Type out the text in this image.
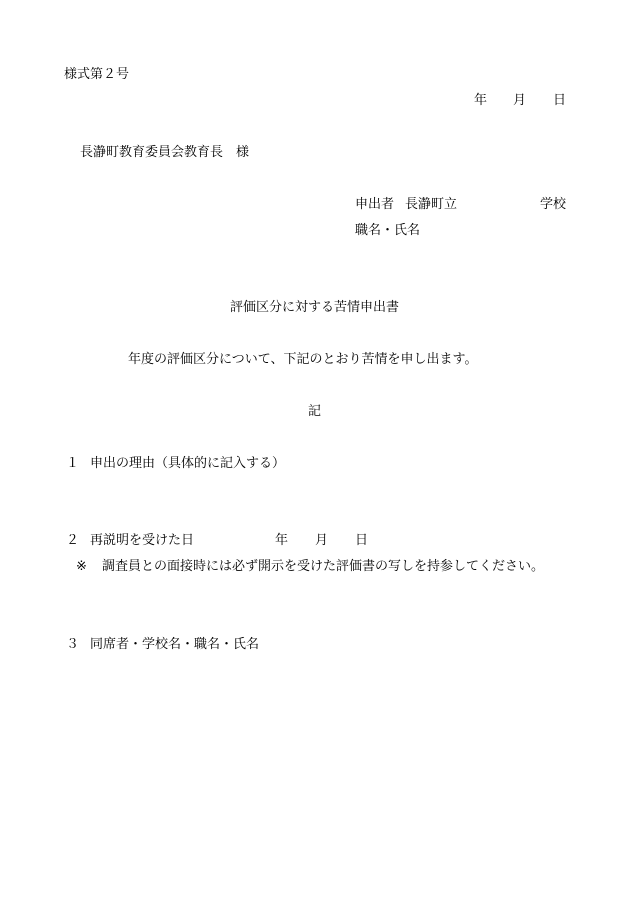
様式第２号
年 月 日
長瀞町教育委員会教育長　様
申出者 長瀞町立	学校
職名・氏名
評価区分に対する苦情申出書
年度の評価区分について、下記のとおり苦情を申し出ます。
記
１ 申出の理由（具体的に記入する）
２ 再説明を受けた日	年 月 日
※ 調査員との面接時には必ず開示を受けた評価書の写しを持参してください。
３ 同席者・学校名・職名・氏名
